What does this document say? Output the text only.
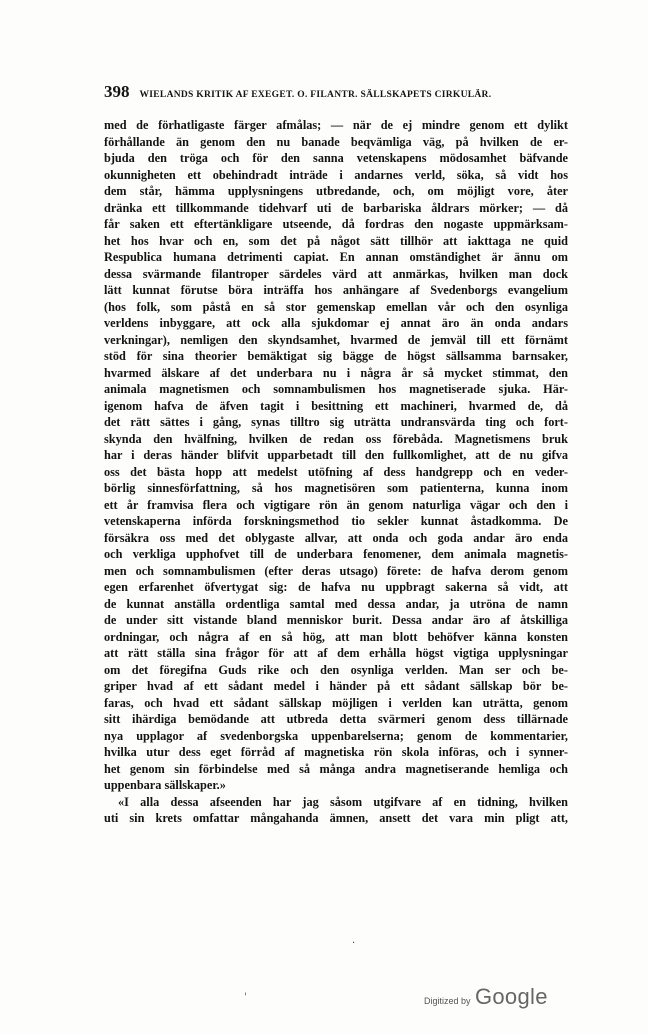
398 WIELANDS KRITIK AF EXEGET. O. FILANTR. SÄLLSKAPETS CIRKULÄR.
med de förhatligaste färger afmålas; — när de ej mindre genom ett dylikt
förhållande än genom den nu banade beqvämliga väg, på hvilken de er-
bjuda den tröga och för den sanna vetenskapens mödosamhet bäfvande
okunnigheten ett obehindradt inträde i andarnes verld, söka, så vidt hos
dem står, hämma upplysningens utbredande, och, om möjligt vore, åter
dränka ett tillkommande tidehvarf uti de barbariska åldrars mörker; — då
får saken ett eftertänkligare utseende, då fordras den nogaste uppmärksam-
het hos hvar och en, som det på något sätt tillhör att iakttaga ne quid
Respublica humana detrimenti capiat. En annan omständighet är ännu om
dessa svärmande filantroper särdeles värd att anmärkas, hvilken man dock
lätt kunnat förutse böra inträffa hos anhängare af Svedenborgs evangelium
(hos folk, som påstå en så stor gemenskap emellan vår och den osynliga
verldens inbyggare, att ock alla sjukdomar ej annat äro än onda andars
verkningar), nemligen den skyndsamhet, hvarmed de jemväl till ett förnämt
stöd för sina theorier bemäktigat sig bägge de högst sällsamma barnsaker,
hvarmed älskare af det underbara nu i några år så mycket stimmat, den
animala magnetismen och somnambulismen hos magnetiserade sjuka. Här-
igenom hafva de äfven tagit i besittning ett machineri, hvarmed de, då
det rätt sättes i gång, synas tilltro sig uträtta undransvärda ting och fort-
skynda den hvälfning, hvilken de redan oss förebåda. Magnetismens bruk
har i deras händer blifvit upparbetadt till den fullkomlighet, att de nu gifva
oss det bästa hopp att medelst utöfning af dess handgrepp och en veder-
börlig sinnesförfattning, så hos magnetisören som patienterna, kunna inom
ett år framvisa flera och vigtigare rön än genom naturliga vägar och den i
vetenskaperna införda forskningsmethod tio sekler kunnat åstadkomma. De
försäkra oss med det oblygaste allvar, att onda och goda andar äro enda
och verkliga upphofvet till de underbara fenomener, dem animala magnetis-
men och somnambulismen (efter deras utsago) förete: de hafva derom genom
egen erfarenhet öfvertygat sig: de hafva nu uppbragt sakerna så vidt, att
de kunnat anställa ordentliga samtal med dessa andar, ja utröna de namn
de under sitt vistande bland menniskor burit. Dessa andar äro af åtskilliga
ordningar, och några af en så hög, att man blott behöfver känna konsten
att rätt ställa sina frågor för att af dem erhålla högst vigtiga upplysningar
om det föregifna Guds rike och den osynliga verlden. Man ser och be-
griper hvad af ett sådant medel i händer på ett sådant sällskap bör be-
faras, och hvad ett sådant sällskap möjligen i verlden kan uträtta, genom
sitt ihärdiga bemödande att utbreda detta svärmeri genom dess tillärnade
nya upplagor af svedenborgska uppenbarelserna; genom de kommentarier,
hvilka utur dess eget förråd af magnetiska rön skola införas, och i synner-
het genom sin förbindelse med så många andra magnetiserande hemliga och
uppenbara sällskaper.»
«I alla dessa afseenden har jag såsom utgifvare af en tidning, hvilken
uti sin krets omfattar mångahanda ämnen, ansett det vara min pligt att,
·
'	Digitized by Google
